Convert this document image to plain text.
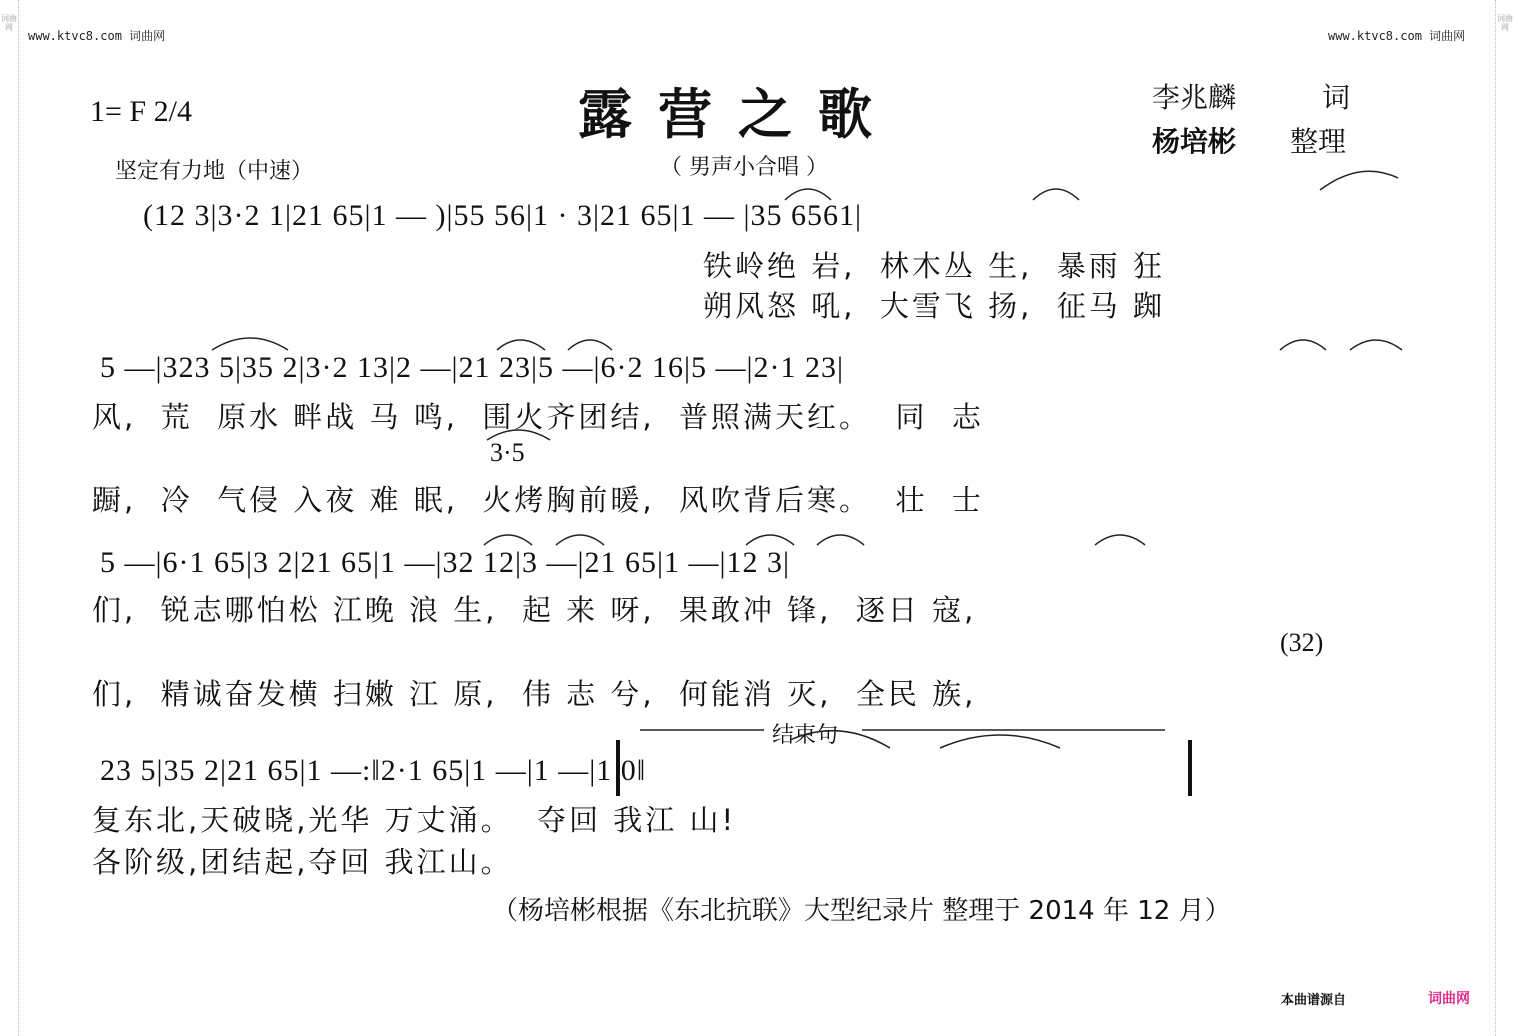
词曲网
词曲网
www.ktvc8.com 词曲网	www.ktvc8.com 词曲网
1= F 2/4	露营之歌	李兆麟	词
杨培彬 整理
坚定有力地（中速）	（ 男声小合唱 ）
(12 3|3·2 1|21 65|1 — )|55 56|1 · 3|21 65|1 — |35 6561|
铁岭绝 岩,  林木丛 生,  暴雨 狂
朔风怒 吼,  大雪飞 扬,  征马 踟
5 —|323 5|35 2|3·2 13|2 —|21 23|5 —|6·2 16|5 —|2·1 23|
风,  荒  原水 畔战 马 鸣,  围火齐团结,  普照满天红。  同  志
3·5
蹰,  冷  气侵 入夜 难 眠,  火烤胸前暖,  风吹背后寒。  壮  士
5 —|6·1 65|3 2|21 65|1 —|32 12|3 —|21 65|1 —|12 3|
们,  锐志哪怕松 江晚 浪 生,  起 来 呀,  果敢冲 锋,  逐日 寇,
(32)
们,  精诚奋发横 扫嫩 江 原,  伟 志 兮,  何能消 灭,  全民 族,
结束句
23 5|35 2|21 65|1 —:‖2·1 65|1 —|1 —|1 0‖
复东北,天破晓,光华 万丈涌。  夺回 我江 山!
各阶级,团结起,夺回 我江山。
（杨培彬根据《东北抗联》大型纪录片 整理于 2014 年 12 月）
本曲谱源自	词曲网
